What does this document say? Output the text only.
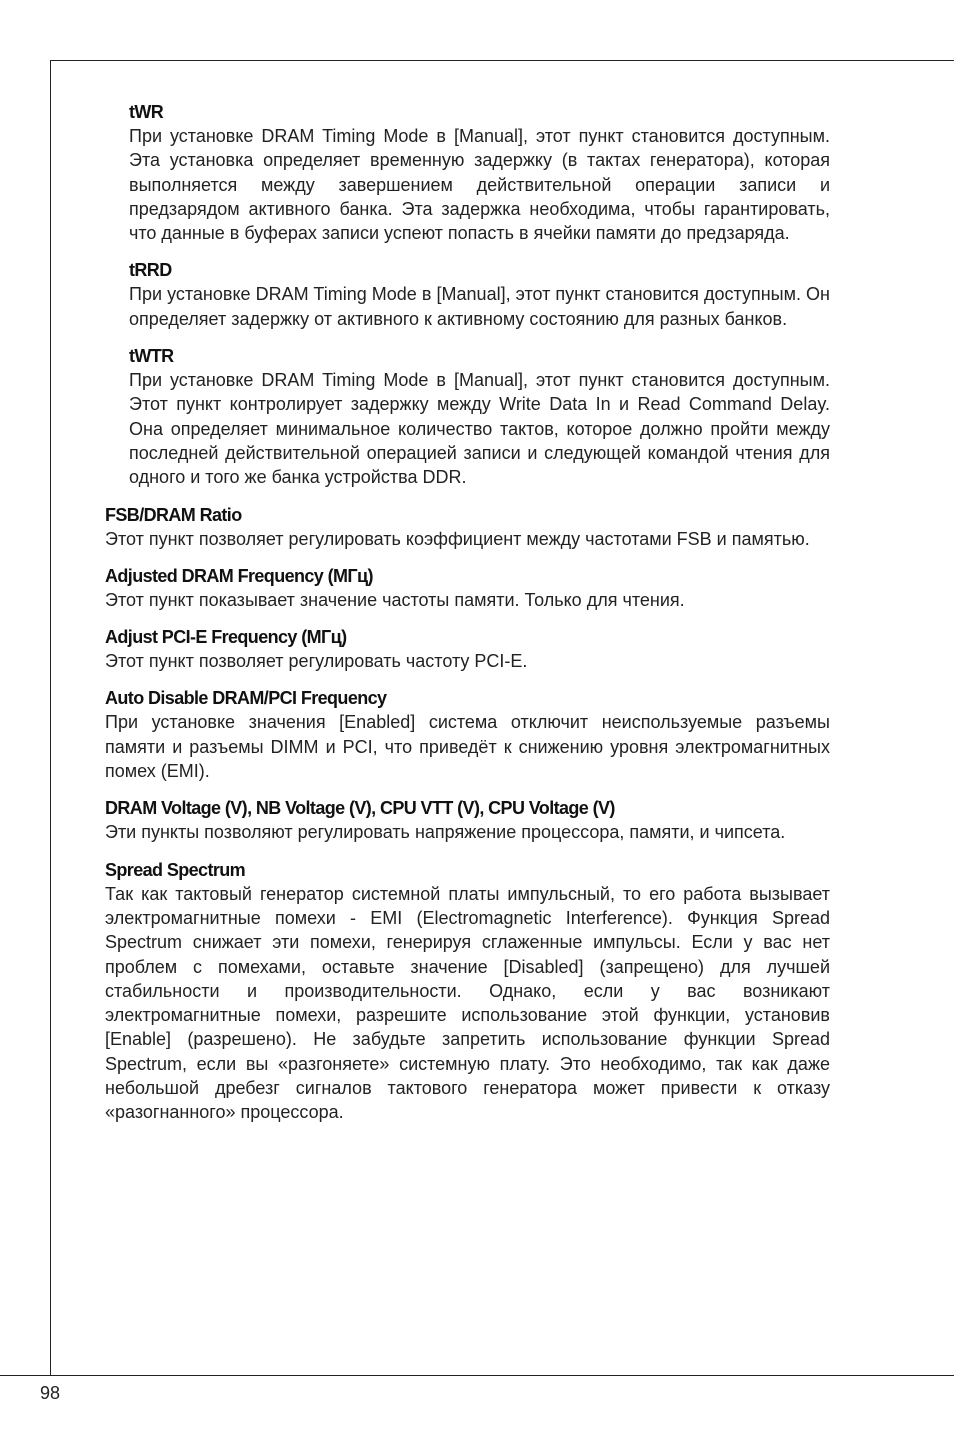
tWR
При установке DRAM Timing Mode в [Manual], этот пункт становится доступным. Эта установка определяет временную задержку (в тактах генератора), которая выполняется между завершением действительной операции записи и предзарядом активного банка. Эта задержка необходима, чтобы гарантировать, что данные в буферах записи успеют попасть в ячейки памяти до предзаряда.
tRRD
При установке DRAM Timing Mode в [Manual], этот пункт становится доступным. Он определяет задержку от активного к активному состоянию для разных банков.
tWTR
При установке DRAM Timing Mode в [Manual], этот пункт становится доступным. Этот пункт контролирует задержку между Write Data In и Read Command Delay. Она определяет минимальное количество тактов, которое должно пройти между последней действительной операцией записи и следующей командой чтения для одного и того же банка устройства DDR.
FSB/DRAM Ratio
Этот пункт позволяет регулировать коэффициент между частотами FSB и памятью.
Adjusted DRAM Frequency (МГц)
Этот пункт показывает значение частоты памяти. Только для чтения.
Adjust PCI-E Frequency (МГц)
Этот пункт позволяет регулировать частоту PCI-E.
Auto Disable DRAM/PCI Frequency
При установке значения [Enabled] система отключит неиспользуемые разъемы памяти и разъемы DIMM и PCI, что приведёт к снижению уровня электромагнитных помех (EMI).
DRAM Voltage (V), NB Voltage (V), CPU VTT (V), CPU Voltage (V)
Эти пункты позволяют регулировать напряжение процессора, памяти, и чипсета.
Spread Spectrum
Так как тактовый генератор системной платы импульсный, то его работа вызывает электромагнитные помехи - EMI (Electromagnetic Interference). Функция Spread Spectrum снижает эти помехи, генерируя сглаженные импульсы. Если у вас нет проблем с помехами, оставьте значение [Disabled] (запрещено) для лучшей стабильности и производительности. Однако, если у вас возникают электромагнитные помехи, разрешите использование этой функции, установив [Enable] (разрешено). Не забудьте запретить использование функции Spread Spectrum, если вы «разгоняете» системную плату. Это необходимо, так как даже небольшой дребезг сигналов тактового генератора может привести к отказу «разогнанного» процессора.
98
